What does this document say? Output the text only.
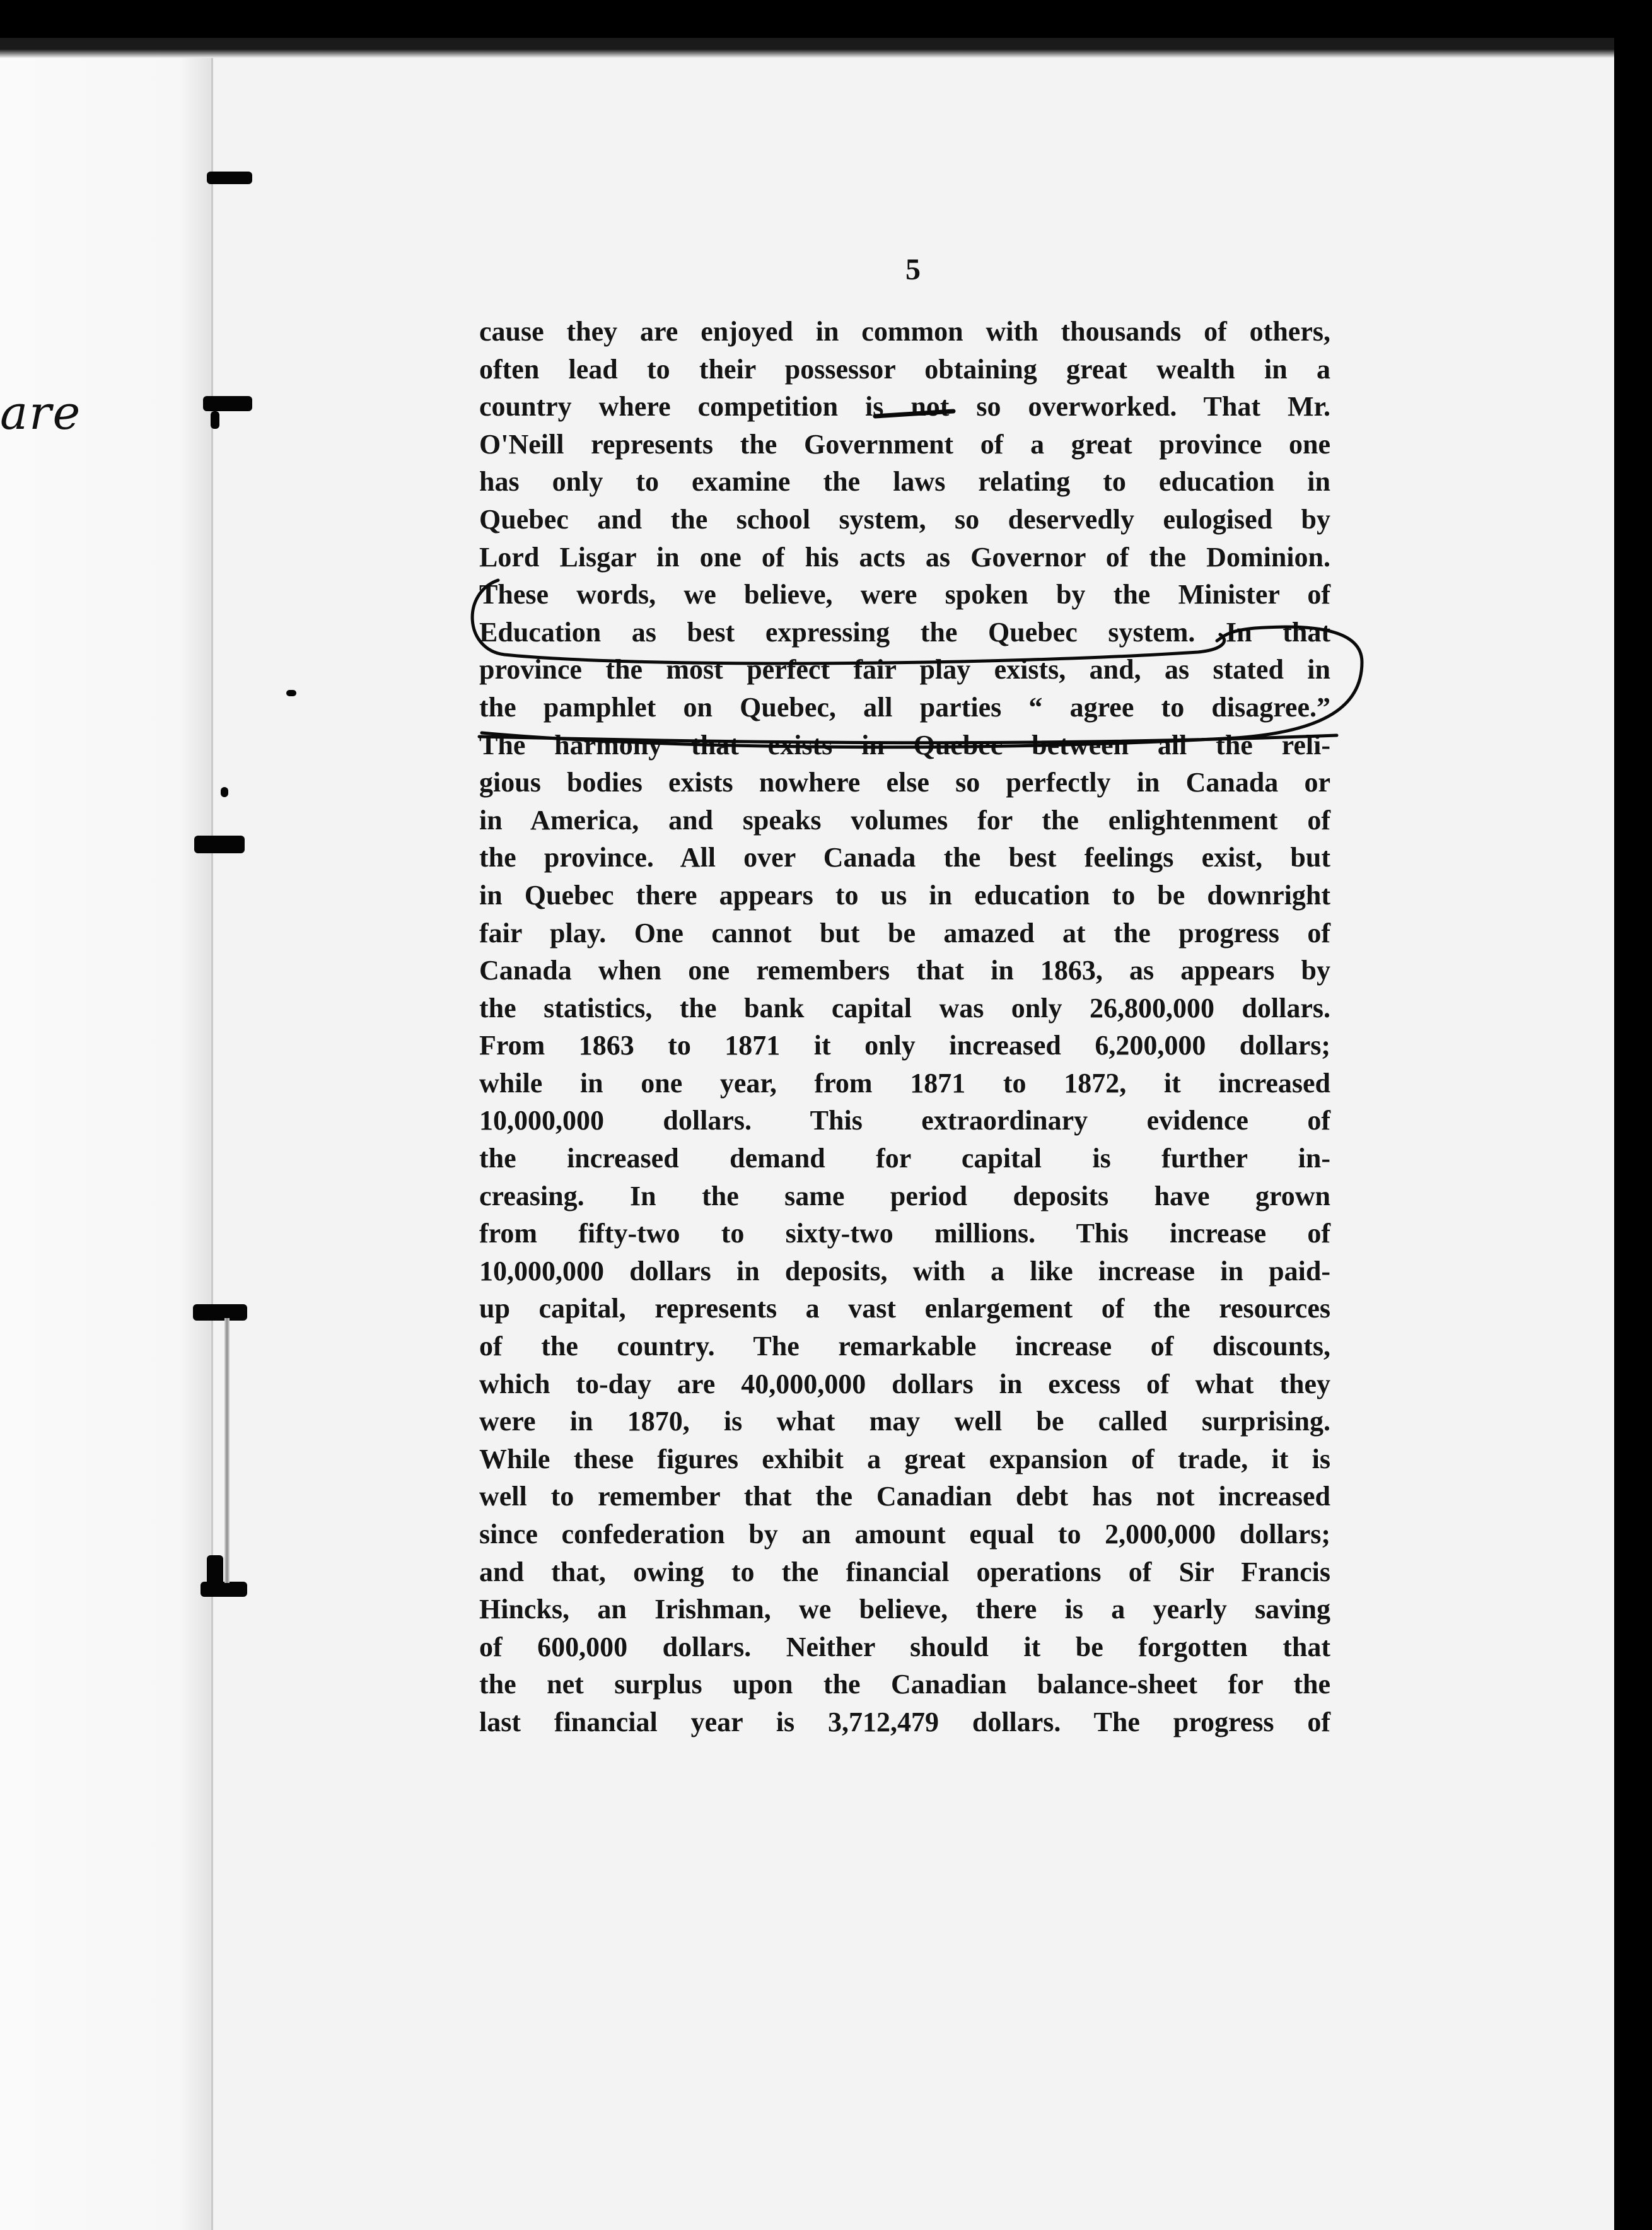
are
5
cause they are enjoyed in common with thousands of others,
often lead to their possessor obtaining great wealth in a
country where competition is not so overworked. That Mr.
O'Neill represents the Government of a great province one
has only to examine the laws relating to education in
Quebec and the school system, so deservedly eulogised by
Lord Lisgar in one of his acts as Governor of the Dominion.
These words, we believe, were spoken by the Minister of
Education as best expressing the Quebec system. In that
province the most perfect fair play exists, and, as stated in
the pamphlet on Quebec, all parties “ agree to disagree.”
The harmony that exists in Quebec between all the reli-
gious bodies exists nowhere else so perfectly in Canada or
in America, and speaks volumes for the enlightenment of
the province. All over Canada the best feelings exist, but
in Quebec there appears to us in education to be downright
fair play. One cannot but be amazed at the progress of
Canada when one remembers that in 1863, as appears by
the statistics, the bank capital was only 26,800,000 dollars.
From 1863 to 1871 it only increased 6,200,000 dollars;
while in one year, from 1871 to 1872, it increased
10,000,000 dollars. This extraordinary evidence of
the increased demand for capital is further in-
creasing. In the same period deposits have grown
from fifty-two to sixty-two millions. This increase of
10,000,000 dollars in deposits, with a like increase in paid-
up capital, represents a vast enlargement of the resources
of the country. The remarkable increase of discounts,
which to-day are 40,000,000 dollars in excess of what they
were in 1870, is what may well be called surprising.
While these figures exhibit a great expansion of trade, it is
well to remember that the Canadian debt has not increased
since confederation by an amount equal to 2,000,000 dollars;
and that, owing to the financial operations of Sir Francis
Hincks, an Irishman, we believe, there is a yearly saving
of 600,000 dollars. Neither should it be forgotten that
the net surplus upon the Canadian balance-sheet for the
last financial year is 3,712,479 dollars. The progress of
